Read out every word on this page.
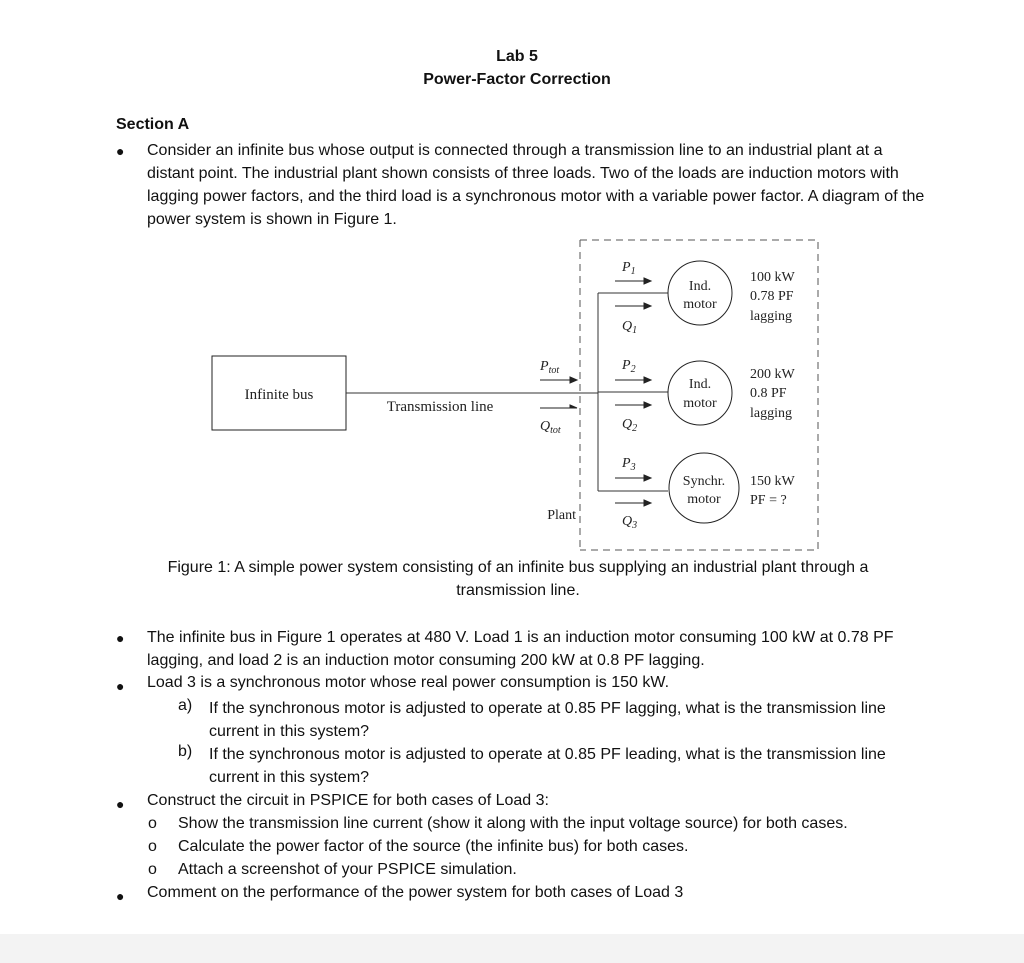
Lab 5
Power-Factor Correction
Section A
● Consider an infinite bus whose output is connected through a transmission line to an industrial plant at a distant point. The industrial plant shown consists of three loads. Two of the loads are induction motors with lagging power factors, and the third load is a synchronous motor with a variable power factor. A diagram of the power system is shown in Figure 1.
Infinite bus
Transmission line
Plant
$P_{tot}$
$Q_{tot}$
$P_1$
$Q_1$
$P_2$
$Q_2$
$P_3$
$Q_3$
Ind.
motor
Ind.
motor
Synchr.
motor
100 kW
0.78 PF
lagging
200 kW
0.8 PF
lagging
150 kW
PF = ?
Figure 1: A simple power system consisting of an infinite bus supplying an industrial plant through a
transmission line.
● The infinite bus in Figure 1 operates at 480 V. Load 1 is an induction motor consuming 100 kW at 0.78 PF lagging, and load 2 is an induction motor consuming 200 kW at 0.8 PF lagging.
● Load 3 is a synchronous motor whose real power consumption is 150 kW.
a) If the synchronous motor is adjusted to operate at 0.85 PF lagging, what is the transmission line current in this system?
b) If the synchronous motor is adjusted to operate at 0.85 PF leading, what is the transmission line current in this system?
● Construct the circuit in PSPICE for both cases of Load 3:
o Show the transmission line current (show it along with the input voltage source) for both cases.
o Calculate the power factor of the source (the infinite bus) for both cases.
o Attach a screenshot of your PSPICE simulation.
● Comment on the performance of the power system for both cases of Load 3
